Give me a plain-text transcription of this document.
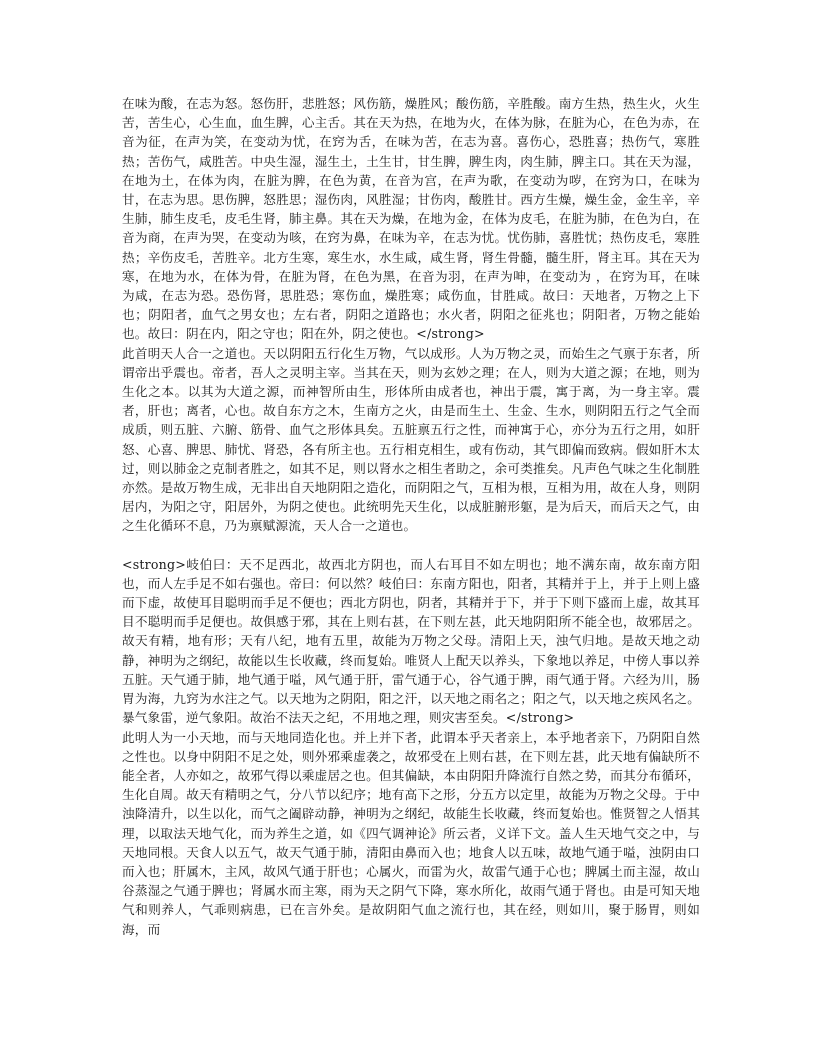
在味为酸，在志为怒。怒伤肝，悲胜怒；风伤筋，燥胜风；酸伤筋，辛胜酸。南方生热，热生火，火生苦，苦生心，心生血，血生脾，心主舌。其在天为热，在地为火，在体为脉，在脏为心，在色为赤，在音为征，在声为笑，在变动为忧，在窍为舌，在味为苦，在志为喜。喜伤心，恐胜喜；热伤气，寒胜热；苦伤气，咸胜苦。中央生湿，湿生土，土生甘，甘生脾，脾生肉，肉生肺，脾主口。其在天为湿，在地为土，在体为肉，在脏为脾，在色为黄，在音为宫，在声为歌，在变动为哕，在窍为口，在味为甘，在志为思。思伤脾，怒胜思；湿伤肉，风胜湿；甘伤肉，酸胜甘。西方生燥，燥生金，金生辛，辛生肺，肺生皮毛，皮毛生肾，肺主鼻。其在天为燥，在地为金，在体为皮毛，在脏为肺，在色为白，在音为商，在声为哭，在变动为咳，在窍为鼻，在味为辛，在志为忧。忧伤肺，喜胜忧；热伤皮毛，寒胜热；辛伤皮毛，苦胜辛。北方生寒，寒生水，水生咸，咸生肾，肾生骨髓，髓生肝，肾主耳。其在天为寒，在地为水，在体为骨，在脏为肾，在色为黑，在音为羽，在声为呻，在变动为 ，在窍为耳，在味为咸，在志为恐。恐伤肾，思胜恐；寒伤血，燥胜寒；咸伤血，甘胜咸。故曰：天地者，万物之上下也；阴阳者，血气之男女也；左右者，阴阳之道路也；水火者，阴阳之征兆也；阴阳者，万物之能始也。故曰：阴在内，阳之守也；阳在外，阴之使也。</strong>

此首明天人合一之道也。天以阴阳五行化生万物，气以成形。人为万物之灵，而始生之气禀于东者，所谓帝出乎震也。帝者，吾人之灵明主宰。当其在天，则为玄妙之理；在人，则为大道之源；在地，则为生化之本。以其为大道之源，而神智所由生，形体所由成者也，神出于震，寓于离，为一身主宰。震者，肝也；离者，心也。故自东方之木，生南方之火，由是而生土、生金、生水，则阴阳五行之气全而成质，则五脏、六腑、筋骨、血气之形体具矣。五脏禀五行之性，而神寓于心，亦分为五行之用，如肝怒、心喜、脾思、肺忧、肾恐，各有所主也。五行相克相生，或有伤动，其气即偏而致病。假如肝木太过，则以肺金之克制者胜之，如其不足，则以肾水之相生者助之，余可类推矣。凡声色气味之生化制胜亦然。是故万物生成，无非出自天地阴阳之造化，而阴阳之气，互相为根，互相为用，故在人身，则阴居内，为阳之守，阳居外，为阴之使也。此统明先天生化，以成脏腑形躯，是为后天，而后天之气，由之生化循环不息，乃为禀赋源流，天人合一之道也。

<strong>岐伯曰：天不足西北，故西北方阴也，而人右耳目不如左明也；地不满东南，故东南方阳也，而人左手足不如右强也。帝曰：何以然？岐伯曰：东南方阳也，阳者，其精并于上，并于上则上盛而下虚，故使耳目聪明而手足不便也；西北方阴也，阴者，其精并于下，并于下则下盛而上虚，故其耳目不聪明而手足便也。故俱感于邪，其在上则右甚，在下则左甚，此天地阴阳所不能全也，故邪居之。故天有精，地有形；天有八纪，地有五里，故能为万物之父母。清阳上天，浊气归地。是故天地之动静，神明为之纲纪，故能以生长收藏，终而复始。唯贤人上配天以养头，下象地以养足，中傍人事以养五脏。天气通于肺，地气通于嗌，风气通于肝，雷气通于心，谷气通于脾，雨气通于肾。六经为川，肠胃为海，九窍为水注之气。以天地为之阴阳，阳之汗，以天地之雨名之；阳之气，以天地之疾风名之。暴气象雷，逆气象阳。故治不法天之纪，不用地之理，则灾害至矣。</strong>

此明人为一小天地，而与天地同造化也。并上并下者，此谓本乎天者亲上，本乎地者亲下，乃阴阳自然之性也。以身中阴阳不足之处，则外邪乘虚袭之，故邪受在上则右甚，在下则左甚，此天地有偏缺所不能全者，人亦如之，故邪气得以乘虚居之也。但其偏缺，本由阴阳升降流行自然之势，而其分布循环，生化自周。故天有精明之气，分八节以纪序；地有高下之形，分五方以定里，故能为万物之父母。于中浊降清升，以生以化，而气之阖辟动静，神明为之纲纪，故能生长收藏，终而复始也。惟贤智之人悟其理，以取法天地气化，而为养生之道，如《四气调神论》所云者，义详下文。盖人生天地气交之中，与天地同根。天食人以五气，故天气通于肺，清阳由鼻而入也；地食人以五味，故地气通于嗌，浊阴由口而入也；肝属木，主风，故风气通于肝也；心属火，而雷为火，故雷气通于心也；脾属土而主湿，故山谷蒸湿之气通于脾也；肾属水而主寒，雨为天之阴气下降，寒水所化，故雨气通于肾也。由是可知天地气和则养人，气乖则病患，已在言外矣。是故阴阳气血之流行也，其在经，则如川，聚于肠胃，则如海，而
